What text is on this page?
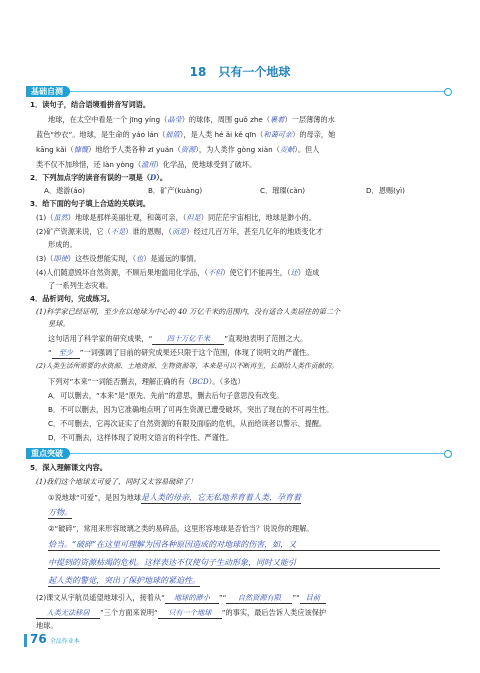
18　只有一个地球
基础自测
1．读句子，结合语境看拼音写词语。
地球，在太空中看是一个 jīng yíng（晶莹）的球体，周围 guǒ zhe（裹着）一层薄薄的水
蓝色“纱衣”。地球，是生命的 yáo lán（摇篮），是人类 hé ǎi kě qīn（和蔼可亲）的母亲，她
kāng kǎi（慷慨）地给予人类各种 zī yuán（资源），为人类作 gòng xiàn（贡献）。但人
类不仅不加珍惜，还 làn yòng（滥用）化学品，使地球受到了破坏。
2．下列加点字的读音有误的一项是（D）。
A．遨游(áo)	B．矿产(kuàng)	C．璀璨(càn)	D．恩赐(yì)
3．给下面的句子填上合适的关联词。
(1)（虽然）地球是那样美丽壮观，和蔼可亲，（但是）同茫茫宇宙相比，地球是渺小的。
(2)矿产资源来说，它（不是）谁的恩赐，（而是）经过几百万年，甚至几亿年的地质变化才
形成的。
(3)（即使）这些设想能实现，（也）是遥远的事情。
(4)人们随意毁坏自然资源，不顾后果地滥用化学品，（不但）使它们不能再生，（还）造成
了一系列生态灾难。
4．品析词句，完成练习。
(1)科学家已经证明，至少在以地球为中心的 40 万亿千米的范围内，没有适合人类居住的第二个
星球。
这句话用了科学家的研究成果，“ 四十万亿千米 ”直观地表明了范围之大。
“ 至少 ”一词强调了目前的研究成果还只限于这个范围，体现了说明文的严谨性。
(2)人类生活所需要的水资源、土地资源、生物资源等，本来是可以不断再生，长期给人类作贡献的。
下列对“本来”一词能否删去，理解正确的有（BCD）。（多选）
A．可以删去，“本来”是“原先、先前”的意思，删去后句子意思没有改变。
B．不可以删去，因为它准确地点明了可再生资源已遭受破坏，突出了现在的不可再生性。
C．不可删去，它再次证实了自然资源的有限及面临的危机，从而给读者以警示、提醒。
D．不可删去，这样体现了说明文语言的科学性、严谨性。
重点突破
5．深入理解课文内容。
(1)我们这个地球太可爱了，同时又太容易破碎了！
①说地球“可爱”，是因为地球是人类的母亲，它无私地养育着人类，孕育着
万物。
②“破碎”，常用来形容玻璃之类的易碎品，这里形容地球是否恰当？说说你的理解。
恰当。“破碎”在这里可理解为因各种原因造成的对地球的伤害，如，又
中提到的资源枯竭的危机。这样表达不仅使句子生动形象，同时又能引
起人类的警觉，突出了保护地球的紧迫性。
(2)课文从宇航员遥望地球引入，接着从“ 地球的渺小 ”“ 自然资源有限 ”“ 目前
人类无法移居 ”三个方面来说明“ 只有一个地球 ”的事实，最后告诉人类应该保护
地球。
76 全品作业本
